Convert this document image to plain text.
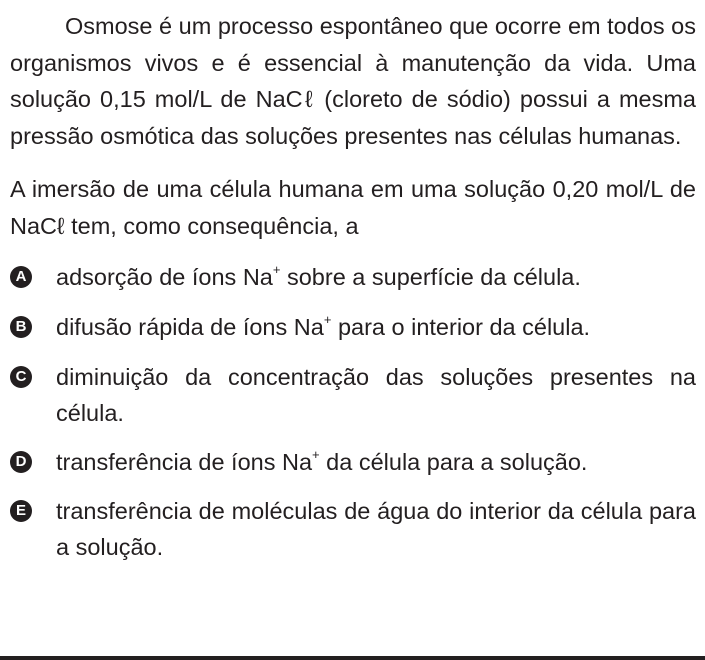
Osmose é um processo espontâneo que ocorre em todos os organismos vivos e é essencial à manutenção da vida. Uma solução 0,15 mol/L de NaCℓ (cloreto de sódio) possui a mesma pressão osmótica das soluções presentes nas células humanas.

A imersão de uma célula humana em uma solução 0,20 mol/L de NaCℓ tem, como consequência, a

A adsorção de íons Na+ sobre a superfície da célula.
B difusão rápida de íons Na+ para o interior da célula.
C diminuição da concentração das soluções presentes na célula.
D transferência de íons Na+ da célula para a solução.
E transferência de moléculas de água do interior da célula para a solução.
